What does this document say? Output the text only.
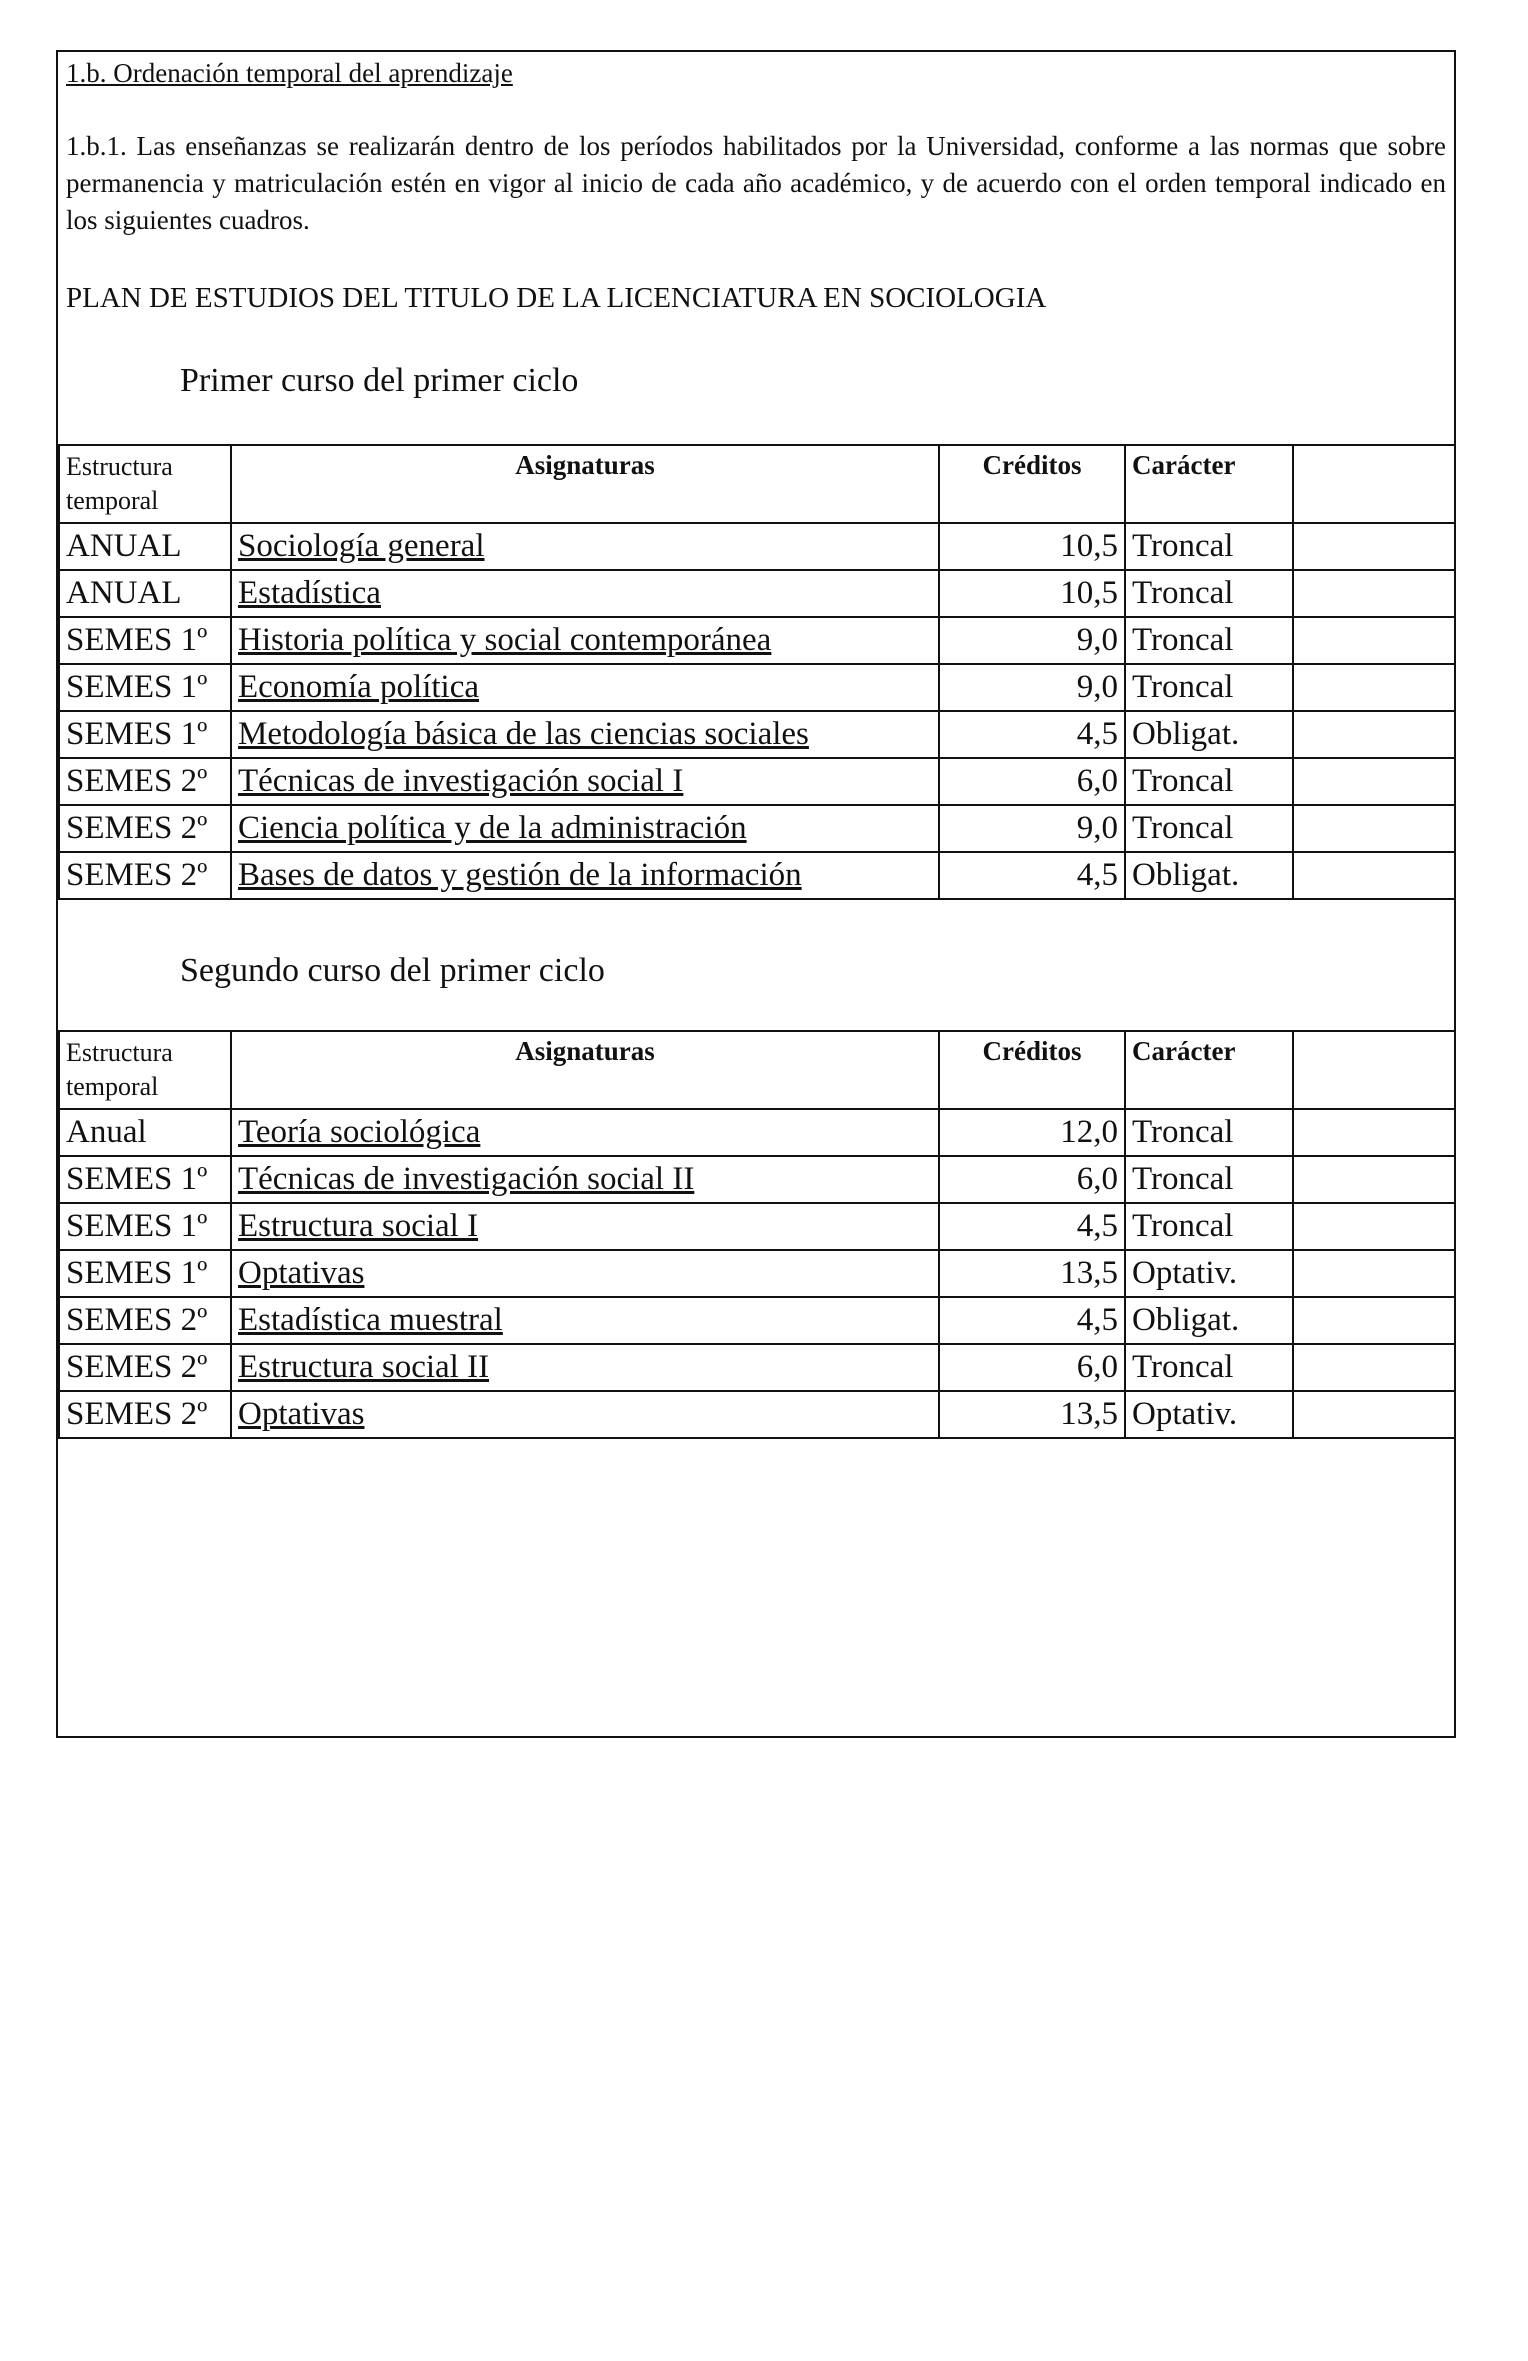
1.b. Ordenación temporal del aprendizaje
1.b.1. Las enseñanzas se realizarán dentro de los períodos habilitados por la Universidad, conforme a las normas que sobre permanencia y matriculación estén en vigor al inicio de cada año académico, y de acuerdo con el orden temporal indicado en los siguientes cuadros.
PLAN DE ESTUDIOS DEL TITULO DE LA LICENCIATURA EN SOCIOLOGIA
Primer curso del primer ciclo
Estructura temporal	Asignaturas	Créditos	Carácter	
ANUAL	Sociología general	10,5	Troncal	
ANUAL	Estadística	10,5	Troncal	
SEMES 1º	Historia política y social contemporánea	9,0	Troncal	
SEMES 1º	Economía política	9,0	Troncal	
SEMES 1º	Metodología básica de las ciencias sociales	4,5	Obligat.	
SEMES 2º	Técnicas de investigación social I	6,0	Troncal	
SEMES 2º	Ciencia política y de la administración	9,0	Troncal	
SEMES 2º	Bases de datos y gestión de la información	4,5	Obligat.	
Segundo curso del primer ciclo
Estructura temporal	Asignaturas	Créditos	Carácter	
Anual	Teoría sociológica	12,0	Troncal	
SEMES 1º	Técnicas de investigación social II	6,0	Troncal	
SEMES 1º	Estructura social I	4,5	Troncal	
SEMES 1º	Optativas	13,5	Optativ.	
SEMES 2º	Estadística muestral	4,5	Obligat.	
SEMES 2º	Estructura social II	6,0	Troncal	
SEMES 2º	Optativas	13,5	Optativ.	
